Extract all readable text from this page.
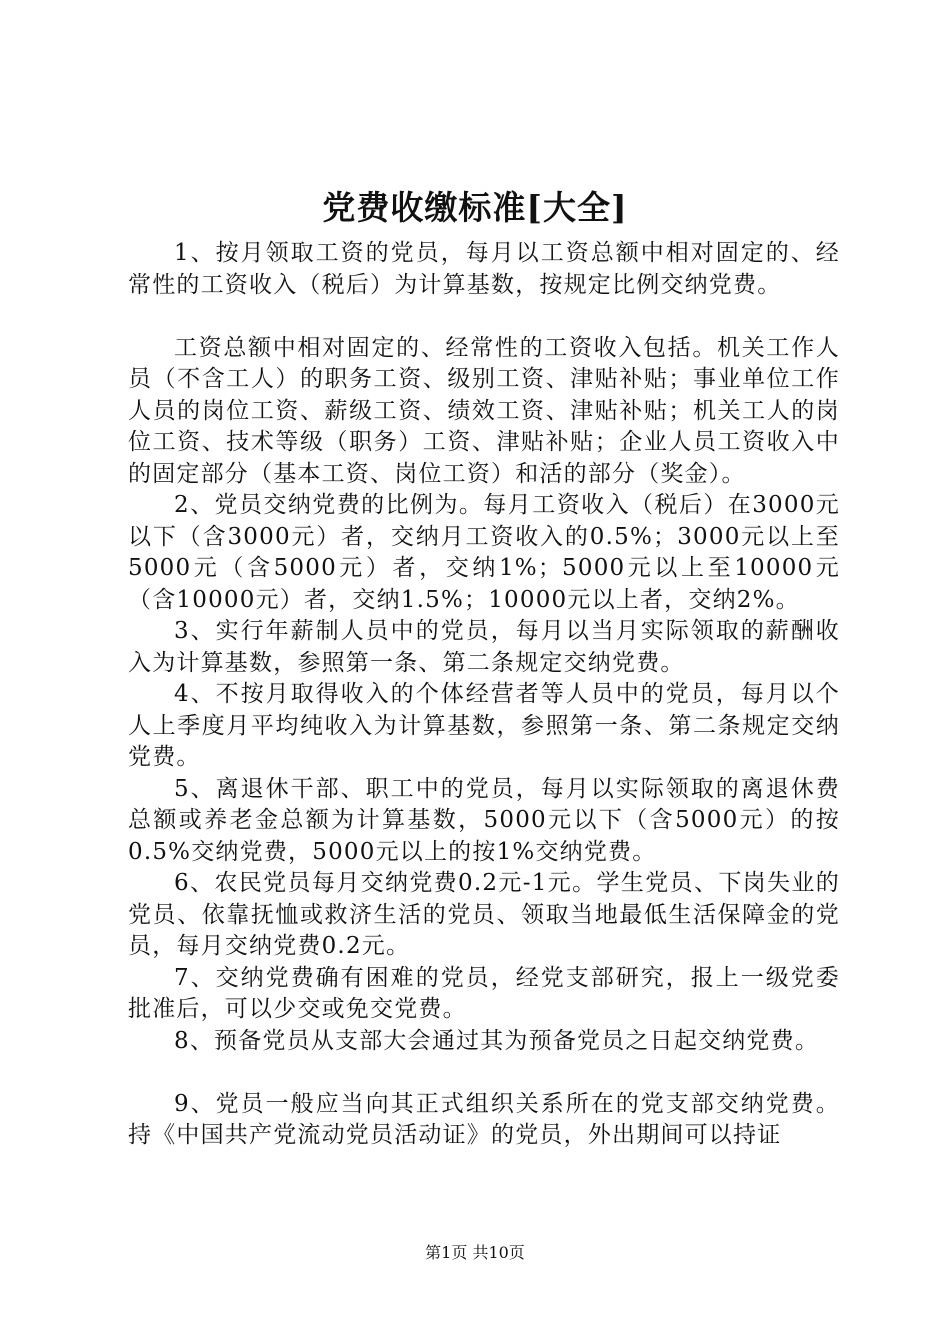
党费收缴标准[大全]

1、按月领取工资的党员，每月以工资总额中相对固定的、经常性的工资收入（税后）为计算基数，按规定比例交纳党费。

工资总额中相对固定的、经常性的工资收入包括。机关工作人员（不含工人）的职务工资、级别工资、津贴补贴；事业单位工作人员的岗位工资、薪级工资、绩效工资、津贴补贴；机关工人的岗位工资、技术等级（职务）工资、津贴补贴；企业人员工资收入中的固定部分（基本工资、岗位工资）和活的部分（奖金）。

2、党员交纳党费的比例为。每月工资收入（税后）在3000元以下（含3000元）者，交纳月工资收入的0.5%；3000元以上至5000元（含5000元）者，交纳1%；5000元以上至10000元（含10000元）者，交纳1.5%；10000元以上者，交纳2%。

3、实行年薪制人员中的党员，每月以当月实际领取的薪酬收入为计算基数，参照第一条、第二条规定交纳党费。

4、不按月取得收入的个体经营者等人员中的党员，每月以个人上季度月平均纯收入为计算基数，参照第一条、第二条规定交纳党费。

5、离退休干部、职工中的党员，每月以实际领取的离退休费总额或养老金总额为计算基数，5000元以下（含5000元）的按0.5%交纳党费，5000元以上的按1%交纳党费。

6、农民党员每月交纳党费0.2元-1元。学生党员、下岗失业的党员、依靠抚恤或救济生活的党员、领取当地最低生活保障金的党员，每月交纳党费0.2元。

7、交纳党费确有困难的党员，经党支部研究，报上一级党委批准后，可以少交或免交党费。

8、预备党员从支部大会通过其为预备党员之日起交纳党费。

9、党员一般应当向其正式组织关系所在的党支部交纳党费。持《中国共产党流动党员活动证》的党员，外出期间可以持证

第1页 共10页
